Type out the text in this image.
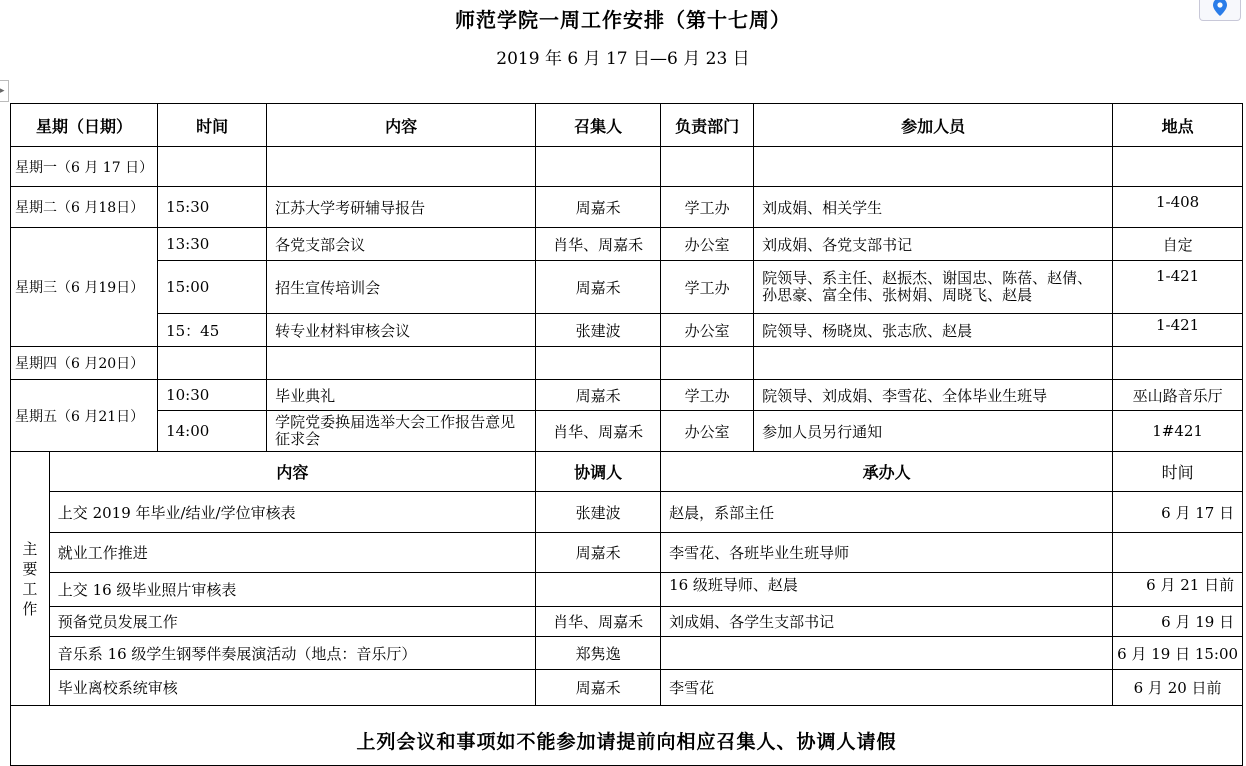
师范学院一周工作安排（第十七周）
2019 年 6 月 17 日—6 月 23 日
▸
星期（日期）		时间	内容	召集人	负责部门	参加人员	地点
星期一（6 月 17 日）							
星期二（6 月18日）		15:30	江苏大学考研辅导报告	周嘉禾	学工办	刘成娟、相关学生	1-408
星期三（6 月19日）		13:30	各党支部会议	肖华、周嘉禾	办公室	刘成娟、各党支部书记	自定
		15:00	招生宣传培训会	周嘉禾	学工办	院领导、系主任、赵振杰、谢国忠、陈蓓、赵倩、孙思豪、富全伟、张树娟、周晓飞、赵晨	1-421
		15：45	转专业材料审核会议	张建波	办公室	院领导、杨晓岚、张志欣、赵晨	1-421
星期四（6 月20日）							
星期五（6 月21日）		10:30	毕业典礼	周嘉禾	学工办	院领导、刘成娟、李雪花、全体毕业生班导	巫山路音乐厅
		14:00	学院党委换届选举大会工作报告意见征求会	肖华、周嘉禾	办公室	参加人员另行通知	1#421
主要工作	内容			协调人	承办人		时间
	上交 2019 年毕业/结业/学位审核表			张建波	赵晨，系部主任		6 月 17 日
	就业工作推进			周嘉禾	李雪花、各班毕业生班导师		
	上交 16 级毕业照片审核表				16 级班导师、赵晨		6 月 21 日前
	预备党员发展工作			肖华、周嘉禾	刘成娟、各学生支部书记		6 月 19 日
	音乐系 16 级学生钢琴伴奏展演活动（地点：音乐厅）			郑隽逸			6 月 19 日 15:00
	毕业离校系统审核			周嘉禾	李雪花		6 月 20 日前
上列会议和事项如不能参加请提前向相应召集人、协调人请假							
